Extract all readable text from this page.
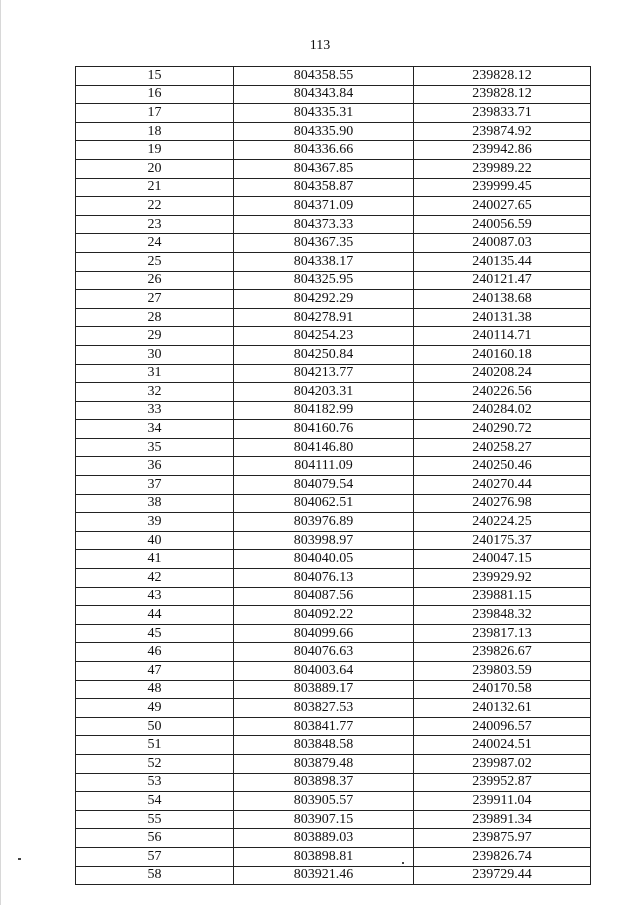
113
15	804358.55	239828.12
16	804343.84	239828.12
17	804335.31	239833.71
18	804335.90	239874.92
19	804336.66	239942.86
20	804367.85	239989.22
21	804358.87	239999.45
22	804371.09	240027.65
23	804373.33	240056.59
24	804367.35	240087.03
25	804338.17	240135.44
26	804325.95	240121.47
27	804292.29	240138.68
28	804278.91	240131.38
29	804254.23	240114.71
30	804250.84	240160.18
31	804213.77	240208.24
32	804203.31	240226.56
33	804182.99	240284.02
34	804160.76	240290.72
35	804146.80	240258.27
36	804111.09	240250.46
37	804079.54	240270.44
38	804062.51	240276.98
39	803976.89	240224.25
40	803998.97	240175.37
41	804040.05	240047.15
42	804076.13	239929.92
43	804087.56	239881.15
44	804092.22	239848.32
45	804099.66	239817.13
46	804076.63	239826.67
47	804003.64	239803.59
48	803889.17	240170.58
49	803827.53	240132.61
50	803841.77	240096.57
51	803848.58	240024.51
52	803879.48	239987.02
53	803898.37	239952.87
54	803905.57	239911.04
55	803907.15	239891.34
56	803889.03	239875.97
57	803898.81	239826.74
58	803921.46	239729.44
